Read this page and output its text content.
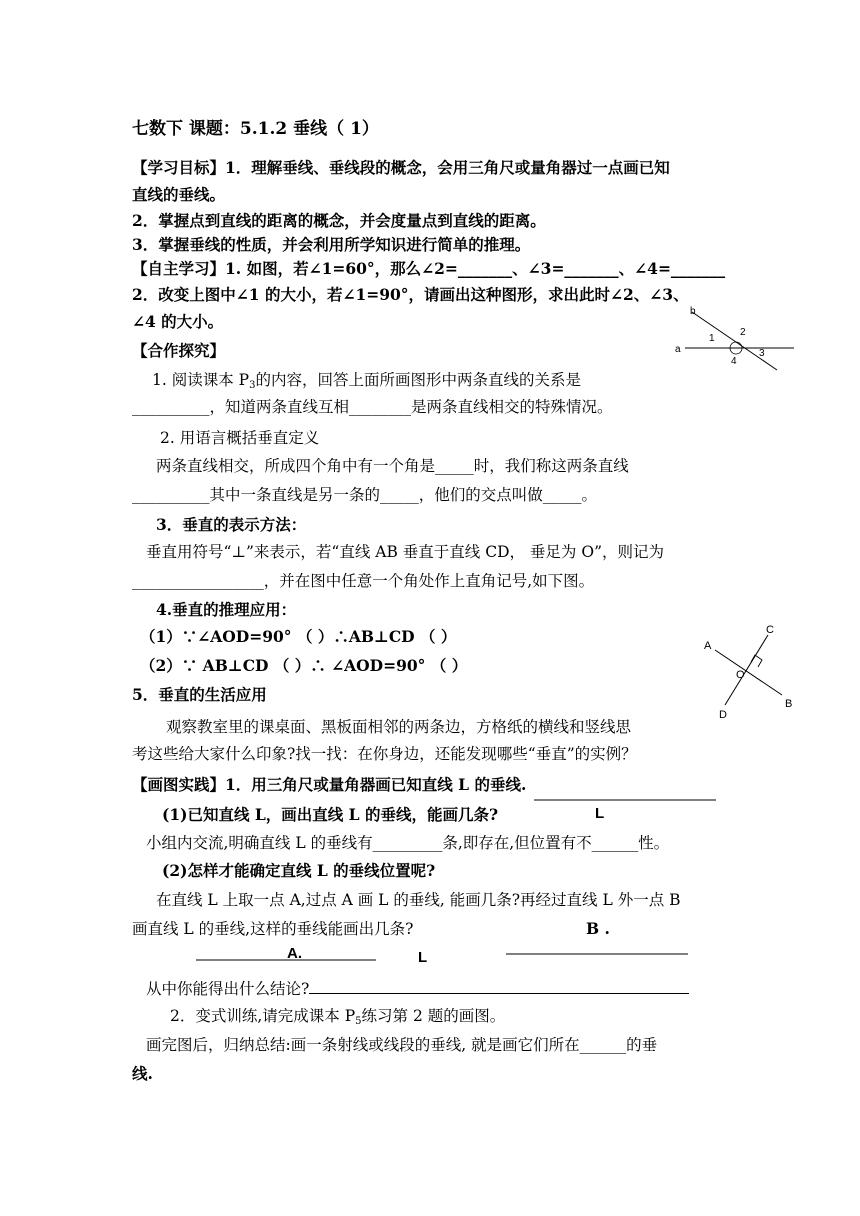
七数下 课题：5.1.2 垂线（ 1）
【学习目标】1．理解垂线、垂线段的概念，会用三角尺或量角器过一点画已知
直线的垂线。
2．掌握点到直线的距离的概念，并会度量点到直线的距离。
3．掌握垂线的性质，并会利用所学知识进行简单的推理。
【自主学习】1. 如图，若∠1=60°，那么∠2=_______、∠3=_______、∠4=_______
2．改变上图中∠1 的大小，若∠1=90°，请画出这种图形，求出此时∠2、∠3、
∠4 的大小。
b
a
1
2
3
4
【合作探究】
1. 阅读课本 $P_3$的内容，回答上面所画图形中两条直线的关系是
__________，知道两条直线互相________是两条直线相交的特殊情况。
2. 用语言概括垂直定义
两条直线相交，所成四个角中有一个角是_____时，我们称这两条直线
__________其中一条直线是另一条的_____，他们的交点叫做_____。
3．垂直的表示方法：
垂直用符号“⊥”来表示，若“直线 AB 垂直于直线 CD， 垂足为 O”，则记为
_________________，并在图中任意一个角处作上直角记号,如下图。
4.垂直的推理应用：
（1）∵∠AOD=90° （ ）∴AB⊥CD （ ）
（2）∵ AB⊥CD （ ）∴ ∠AOD=90° （ ）
A
C
O
D
B
5．垂直的生活应用
观察教室里的课桌面、黑板面相邻的两条边，方格纸的横线和竖线思
考这些给大家什么印象?找一找：在你身边，还能发现哪些“垂直”的实例？
【画图实践】1．用三角尺或量角器画已知直线 L 的垂线.
(1)已知直线 L，画出直线 L 的垂线，能画几条?	L
小组内交流,明确直线 L 的垂线有_________条,即存在,但位置有不______性。
(2)怎样才能确定直线 L 的垂线位置呢?
在直线 L 上取一点 A,过点 A 画 L 的垂线, 能画几条?再经过直线 L 外一点 B
画直线 L 的垂线,这样的垂线能画出几条?	B .
A.	L
从中你能得出什么结论?
2．变式训练,请完成课本 $P_5$练习第 2 题的画图。
画完图后，归纳总结:画一条射线或线段的垂线, 就是画它们所在______的垂
线.
